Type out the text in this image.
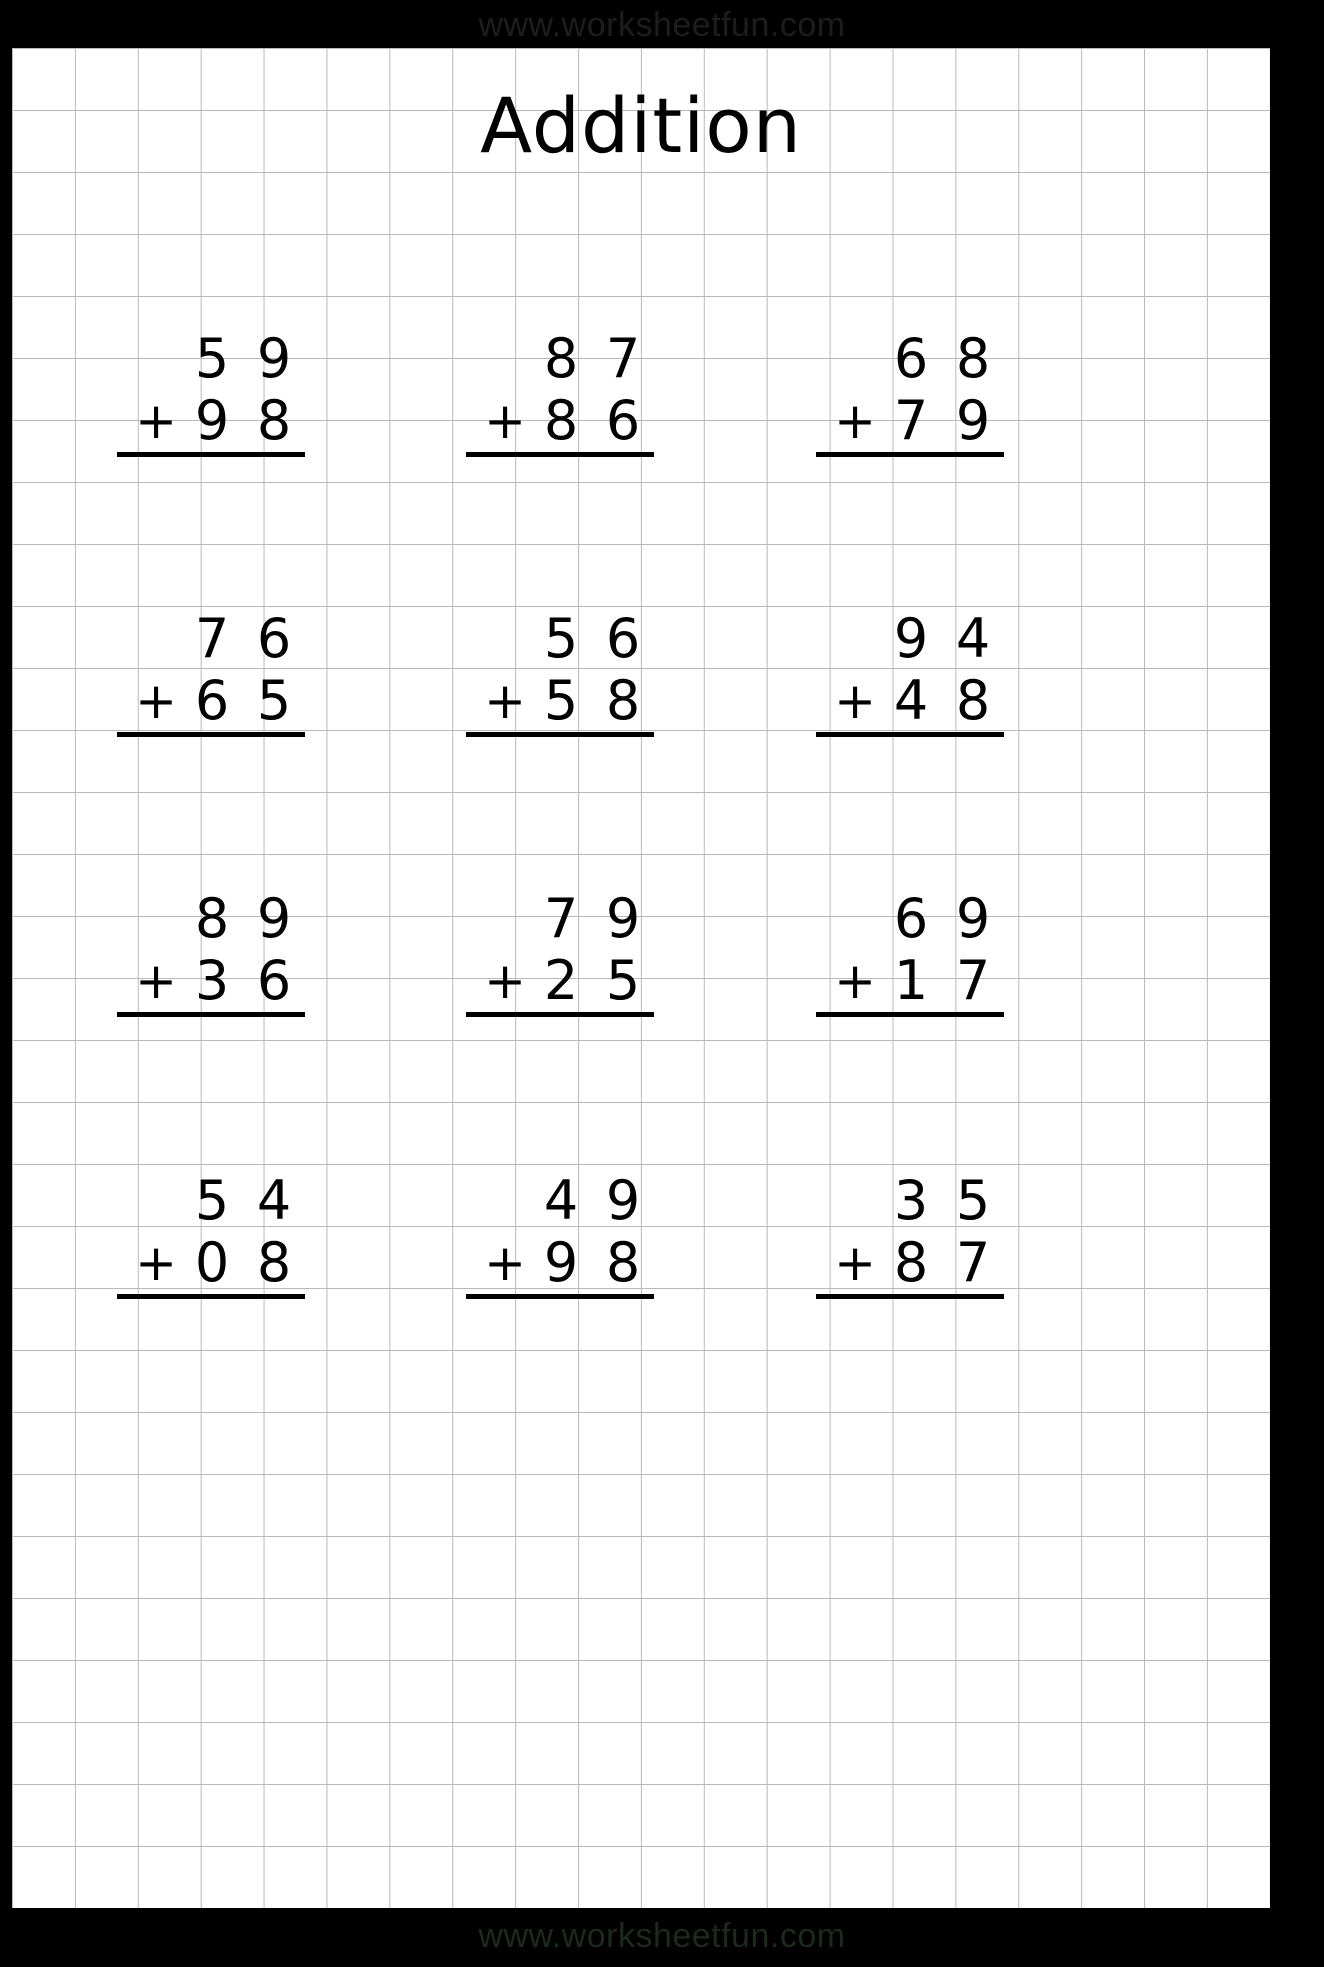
www.worksheetfun.com
Addition
5 9
+ 9 8
8 7
+ 8 6
6 8
+ 7 9
7 6
+ 6 5
5 6
+ 5 8
9 4
+ 4 8
8 9
+ 3 6
7 9
+ 2 5
6 9
+ 1 7
5 4
+ 0 8
4 9
+ 9 8
3 5
+ 8 7
www.worksheetfun.com
